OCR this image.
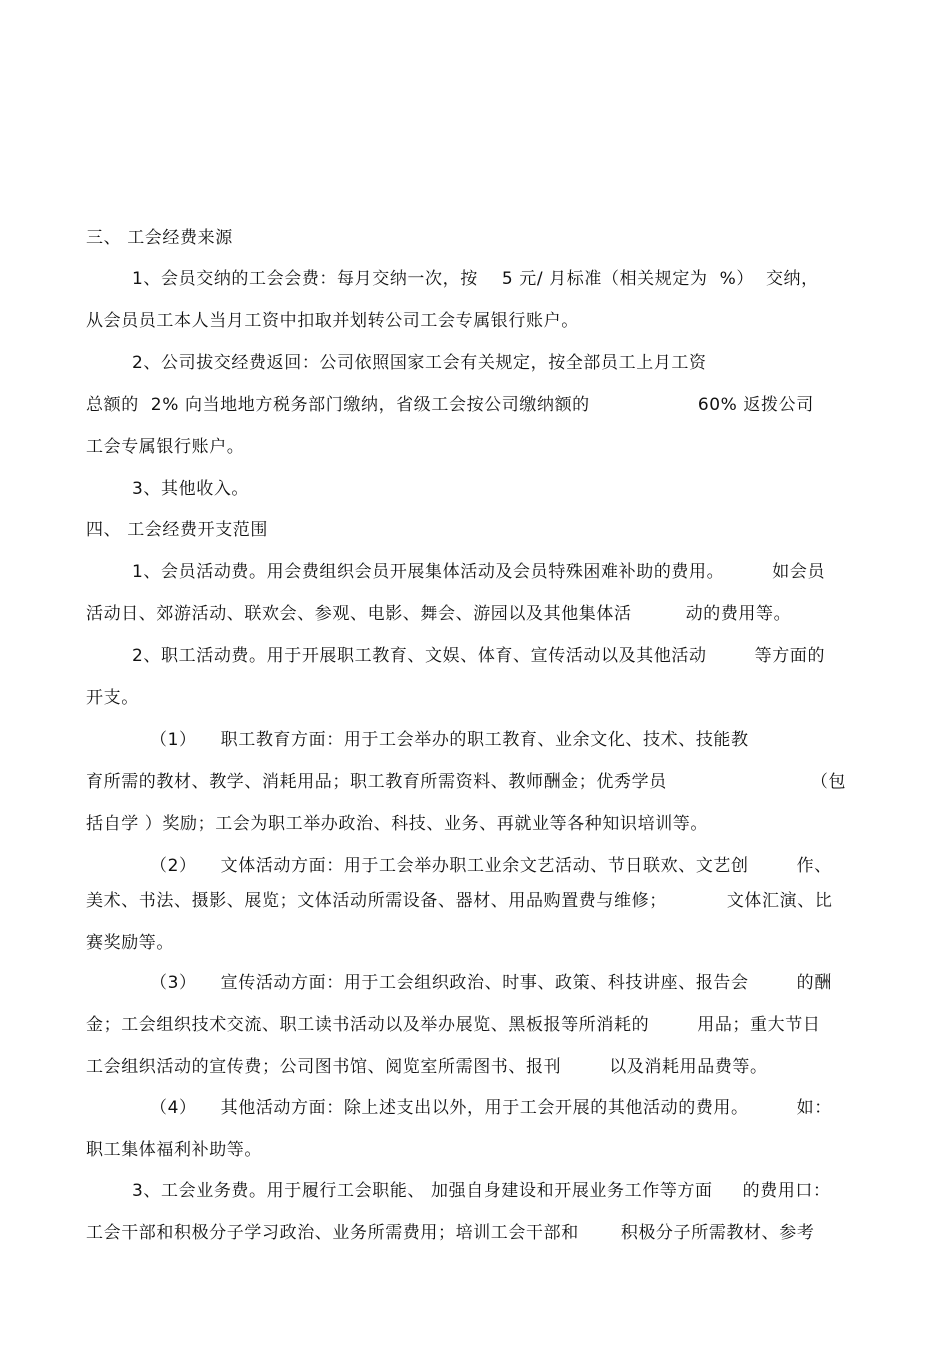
三、 工会经费来源
1、会员交纳的工会会费：每月交纳一次，按    5 元/ 月标准（相关规定为  %）  交纳，
从会员员工本人当月工资中扣取并划转公司工会专属银行账户。
2、公司拔交经费返回：公司依照国家工会有关规定，按全部员工上月工资
总额的  2% 向当地地方税务部门缴纳，省级工会按公司缴纳额的                  60% 返拨公司
工会专属银行账户。
3、其他收入。
四、 工会经费开支范围
1、会员活动费。用会费组织会员开展集体活动及会员特殊困难补助的费用。        如会员
活动日、郊游活动、联欢会、参观、电影、舞会、游园以及其他集体活         动的费用等。
2、职工活动费。用于开展职工教育、文娱、体育、宣传活动以及其他活动        等方面的
开支。
（1）    职工教育方面：用于工会举办的职工教育、业余文化、技术、技能教
育所需的教材、教学、消耗用品；职工教育所需资料、教师酬金；优秀学员                        （包
括自学 ）奖励；工会为职工举办政治、科技、业务、再就业等各种知识培训等。
（2）    文体活动方面：用于工会举办职工业余文艺活动、节日联欢、文艺创        作、
美术、书法、摄影、展览；文体活动所需设备、器材、用品购置费与维修；          文体汇演、比
赛奖励等。
（3）    宣传活动方面：用于工会组织政治、时事、政策、科技讲座、报告会        的酬
金；工会组织技术交流、职工读书活动以及举办展览、黑板报等所消耗的        用品；重大节日
工会组织活动的宣传费；公司图书馆、阅览室所需图书、报刊        以及消耗用品费等。
（4）    其他活动方面：除上述支出以外，用于工会开展的其他活动的费用。        如：
职工集体福利补助等。
3、工会业务费。用于履行工会职能、 加强自身建设和开展业务工作等方面     的费用口：
工会干部和积极分子学习政治、业务所需费用；培训工会干部和       积极分子所需教材、参考
